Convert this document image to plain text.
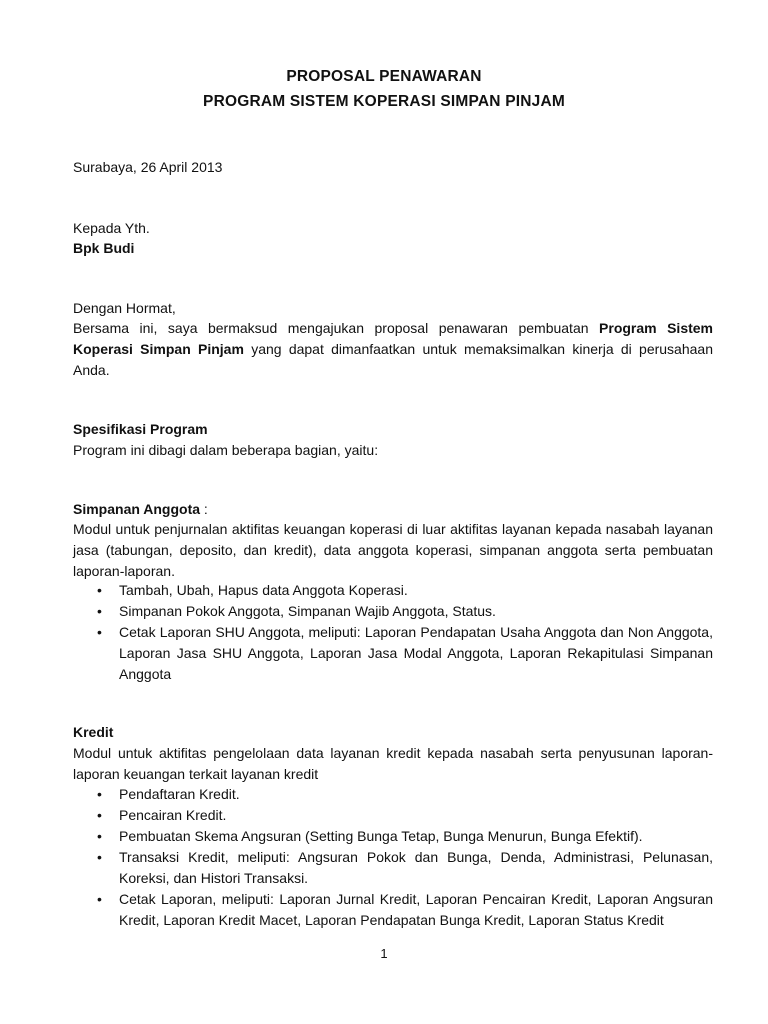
PROPOSAL PENAWARAN
PROGRAM SISTEM KOPERASI SIMPAN PINJAM
Surabaya, 26 April 2013
Kepada Yth.
Bpk Budi
Dengan Hormat,
Bersama ini, saya bermaksud mengajukan proposal penawaran pembuatan Program Sistem Koperasi Simpan Pinjam yang dapat dimanfaatkan untuk memaksimalkan kinerja di perusahaan Anda.
Spesifikasi Program
Program ini dibagi dalam beberapa bagian, yaitu:
Simpanan Anggota :
Modul untuk penjurnalan aktifitas keuangan koperasi di luar aktifitas layanan kepada nasabah layanan jasa (tabungan, deposito, dan kredit), data anggota koperasi, simpanan anggota serta pembuatan laporan-laporan.
• Tambah, Ubah, Hapus data Anggota Koperasi.
• Simpanan Pokok Anggota, Simpanan Wajib Anggota, Status.
• Cetak Laporan SHU Anggota, meliputi: Laporan Pendapatan Usaha Anggota dan Non Anggota, Laporan Jasa SHU Anggota, Laporan Jasa Modal Anggota, Laporan Rekapitulasi Simpanan Anggota
Kredit
Modul untuk aktifitas pengelolaan data layanan kredit kepada nasabah serta penyusunan laporan-laporan keuangan terkait layanan kredit
• Pendaftaran Kredit.
• Pencairan Kredit.
• Pembuatan Skema Angsuran (Setting Bunga Tetap, Bunga Menurun, Bunga Efektif).
• Transaksi Kredit, meliputi: Angsuran Pokok dan Bunga, Denda, Administrasi, Pelunasan, Koreksi, dan Histori Transaksi.
• Cetak Laporan, meliputi: Laporan Jurnal Kredit, Laporan Pencairan Kredit, Laporan Angsuran Kredit, Laporan Kredit Macet, Laporan Pendapatan Bunga Kredit, Laporan Status Kredit
1
